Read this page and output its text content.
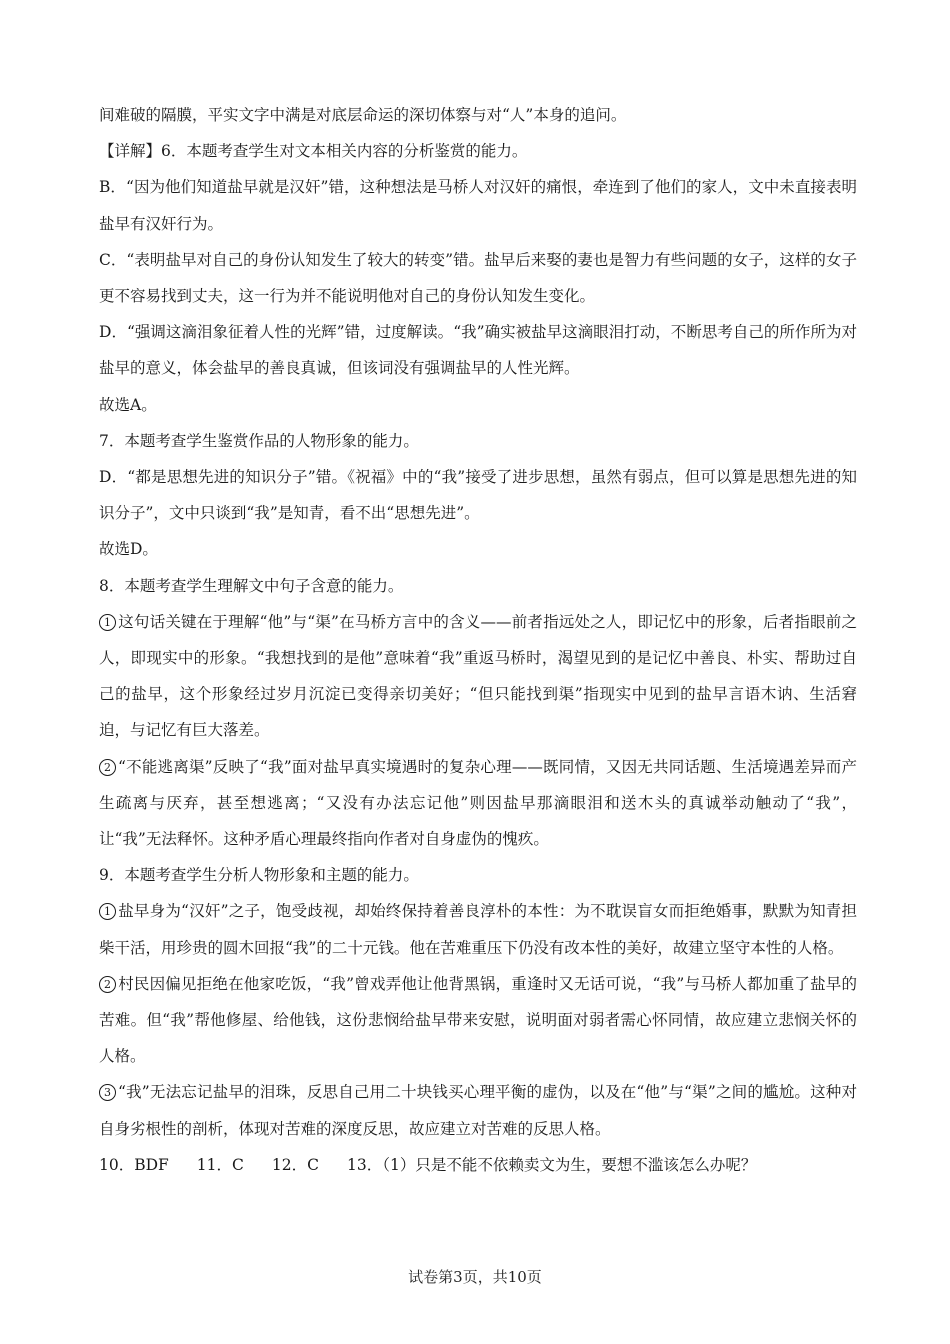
间难破的隔膜，平实文字中满是对底层命运的深切体察与对“人”本身的追问。

【详解】6．本题考查学生对文本相关内容的分析鉴赏的能力。

B．“因为他们知道盐早就是汉奸”错，这种想法是马桥人对汉奸的痛恨，牵连到了他们的家人，文中未直接表明盐早有汉奸行为。

C．“表明盐早对自己的身份认知发生了较大的转变”错。盐早后来娶的妻也是智力有些问题的女子，这样的女子更不容易找到丈夫，这一行为并不能说明他对自己的身份认知发生变化。

D．“强调这滴泪象征着人性的光辉”错，过度解读。“我”确实被盐早这滴眼泪打动，不断思考自己的所作所为对盐早的意义，体会盐早的善良真诚，但该词没有强调盐早的人性光辉。

故选A。

7．本题考查学生鉴赏作品的人物形象的能力。

D．“都是思想先进的知识分子”错。《祝福》中的“我”接受了进步思想，虽然有弱点，但可以算是思想先进的知识分子”，文中只谈到“我”是知青，看不出“思想先进”。

故选D。

8．本题考查学生理解文中句子含意的能力。

1 这句话关键在于理解“他”与“渠”在马桥方言中的含义——前者指远处之人，即记忆中的形象，后者指眼前之人，即现实中的形象。“我想找到的是他”意味着“我”重返马桥时，渴望见到的是记忆中善良、朴实、帮助过自己的盐早，这个形象经过岁月沉淀已变得亲切美好；“但只能找到渠”指现实中见到的盐早言语木讷、生活窘迫，与记忆有巨大落差。

2 “不能逃离渠”反映了“我”面对盐早真实境遇时的复杂心理——既同情，又因无共同话题、生活境遇差异而产生疏离与厌弃，甚至想逃离；“又没有办法忘记他”则因盐早那滴眼泪和送木头的真诚举动触动了“我”，让“我”无法释怀。这种矛盾心理最终指向作者对自身虚伪的愧疚。

9．本题考查学生分析人物形象和主题的能力。

1 盐早身为“汉奸”之子，饱受歧视，却始终保持着善良淳朴的本性：为不耽误盲女而拒绝婚事，默默为知青担柴干活，用珍贵的圆木回报“我”的二十元钱。他在苦难重压下仍没有改本性的美好，故建立坚守本性的人格。

2 村民因偏见拒绝在他家吃饭，“我”曾戏弄他让他背黑锅，重逢时又无话可说，“我”与马桥人都加重了盐早的苦难。但“我”帮他修屋、给他钱，这份悲悯给盐早带来安慰，说明面对弱者需心怀同情，故应建立悲悯关怀的人格。

3 “我”无法忘记盐早的泪珠，反思自己用二十块钱买心理平衡的虚伪，以及在“他”与“渠”之间的尴尬。这种对自身劣根性的剖析，体现对苦难的深度反思，故应建立对苦难的反思人格。

10．BDF 11．C 12．C 13．（1）只是不能不依赖卖文为生，要想不滥该怎么办呢？

试卷第3页，共10页
